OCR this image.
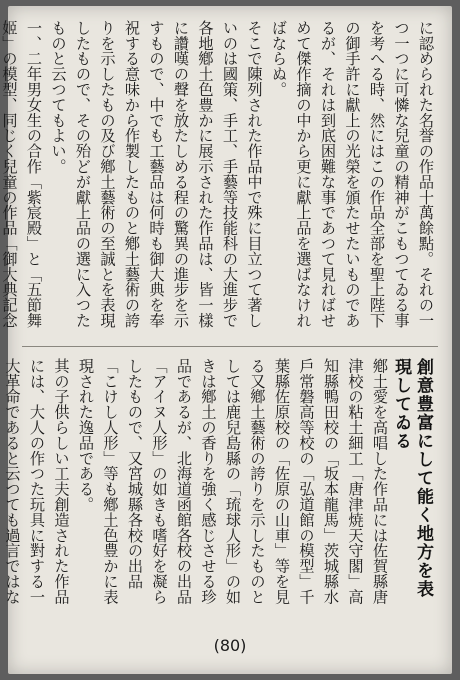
に認められた名誉の作品十萬餘點。それの一つ一つに可憐な兒童の精神がこもつてゐる事を考へる時、然にはこの作品全部を聖上陛下の御手許に獻上の光榮を頒たせたいものであるが、それは到底困難な事であつて見ればせめて傑作摘の中から更に獻上品を選ばなければならぬ。
そこで陳列された作品中で殊に目立つて著しいのは國策、手工、手藝等技能科の大進步で各地鄕土色豊かに展示された作品は、皆一樣に讚嘆の聲を放たしめる程の驚異の進步を示すもので、中でも工藝品は何時も御大典を奉祝する意味から作製したものと鄕土藝術の誇りを示したもの及び鄕土藝術の至誠とを表現したもので、その殆どが獻上品の選に入つたものと云つてもよい。
一、二年男女生の合作「紫宸殿」と「五節舞姬」の模型、同じく兒童の作品「御大典記念

創意豊富にして能く地方を表現してゐる

鄕土愛を高唱した作品には佐賀縣唐津校の粘土細工「唐津焼天守閣」高知縣鴨田校の「坂本龍馬」茨城縣水戶常磐高等校の「弘道館の模型」千葉縣佐原校の「佐原の山車」等を見る又鄕土藝術の誇りを示したものとしては鹿兒島縣の「琉球人形」の如きは鄕土の香りを強く感じさせる珍品であるが、北海道函館各校の出品「アイヌ人形」の如きも嗜好を凝らしたもので、又宮城縣各校の出品「こけし人形」等も鄕土色豊かに表現された逸品である。
其の子供らしい工夫創造された作品には、大人の作つた玩具に對する一大革命であると云つても過言ではな

(80)
